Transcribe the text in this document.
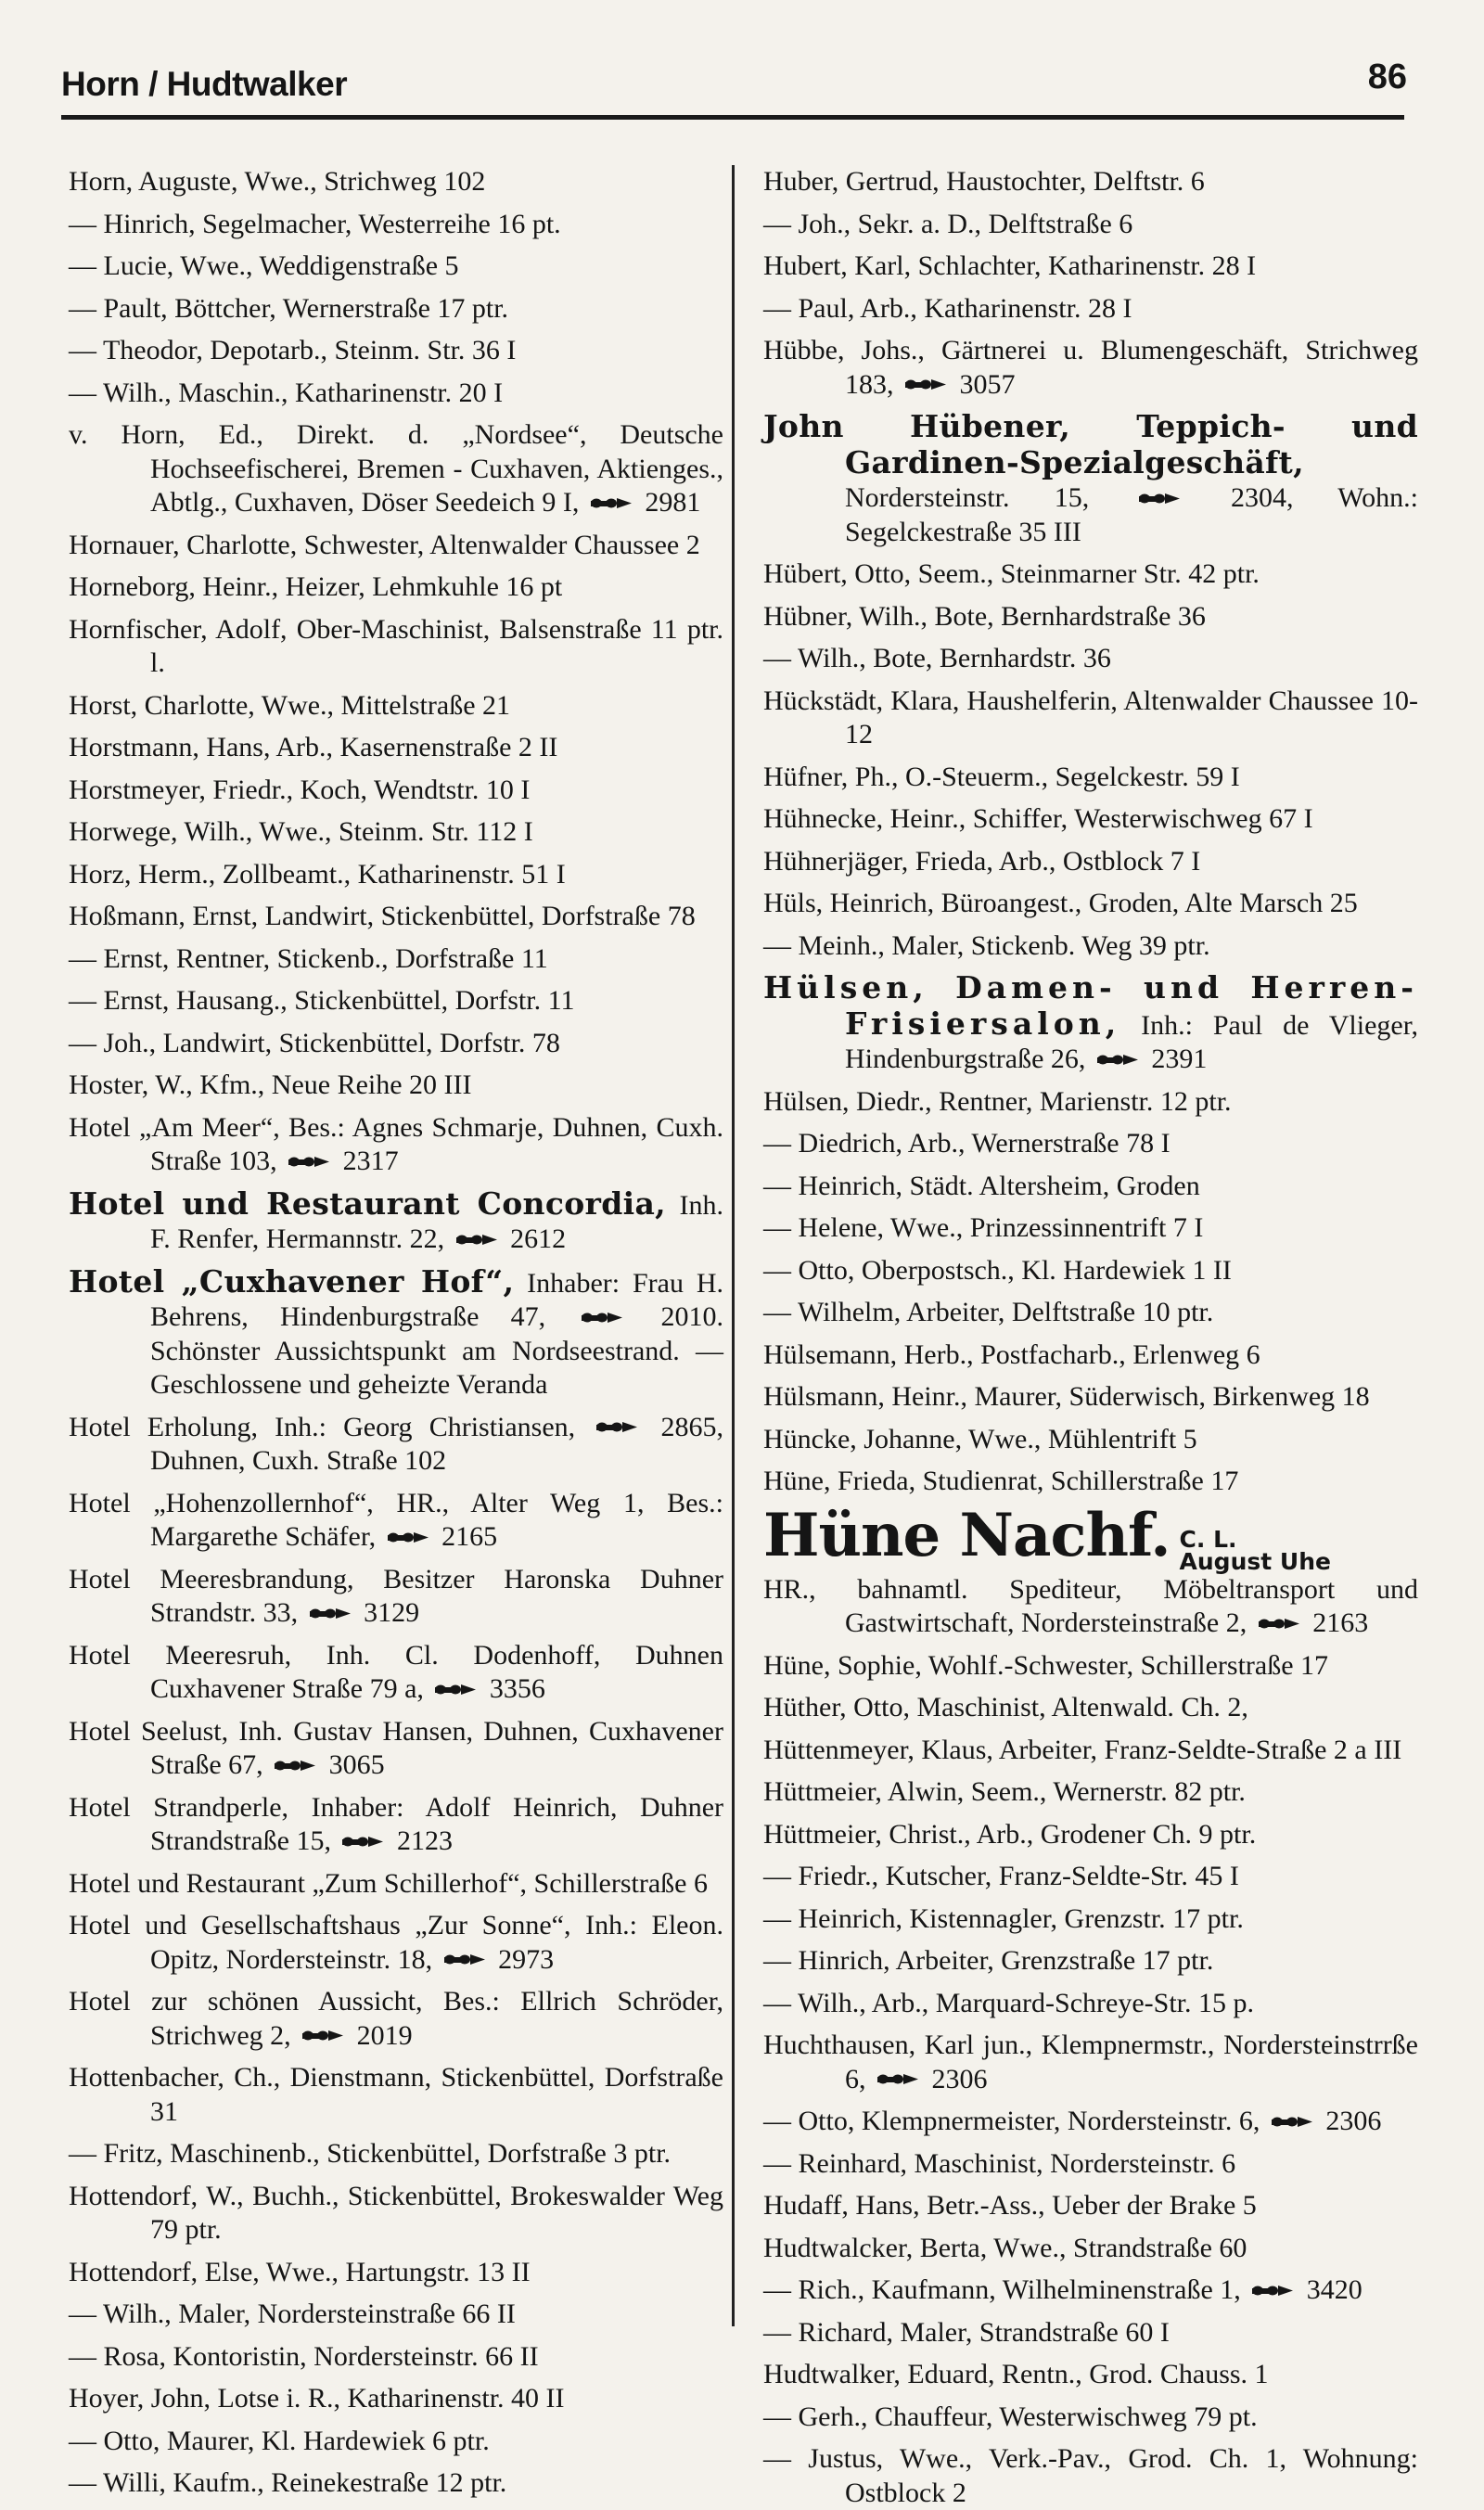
Horn / Hudtwalker	86

Horn, Auguste, Wwe., Strichweg 102

— Hinrich, Segelmacher, Westerreihe 16 pt.

— Lucie, Wwe., Weddigenstraße 5

— Pault, Böttcher, Wernerstraße 17 ptr.

— Theodor, Depotarb., Steinm. Str. 36 I

— Wilh., Maschin., Katharinenstr. 20 I

v. Horn, Ed., Direkt. d. „Nordsee“, Deutsche Hochseefischerei, Bremen - Cuxhaven, Aktienges., Abtlg., Cuxhaven, Döser Seedeich 9 I,
2981

Hornauer, Charlotte, Schwester, Altenwalder Chaussee 2

Horneborg, Heinr., Heizer, Lehmkuhle 16 pt

Hornfischer, Adolf, Ober-Maschinist, Balsenstraße 11 ptr. l.

Horst, Charlotte, Wwe., Mittelstraße 21

Horstmann, Hans, Arb., Kasernenstraße 2 II

Horstmeyer, Friedr., Koch, Wendtstr. 10 I

Horwege, Wilh., Wwe., Steinm. Str. 112 I

Horz, Herm., Zollbeamt., Katharinenstr. 51 I

Hoßmann, Ernst, Landwirt, Stickenbüttel, Dorfstraße 78

— Ernst, Rentner, Stickenb., Dorfstraße 11

— Ernst, Hausang., Stickenbüttel, Dorfstr. 11

— Joh., Landwirt, Stickenbüttel, Dorfstr. 78

Hoster, W., Kfm., Neue Reihe 20 III

Hotel „Am Meer“, Bes.: Agnes Schmarje, Duhnen, Cuxh. Straße 103,
2317

Hotel und Restaurant Concordia, Inh. F. Renfer, Hermannstr. 22,
2612

Hotel „Cuxhavener Hof“, Inhaber: Frau H. Behrens, Hindenburgstraße 47,
2010. Schönster Aussichtspunkt am Nordseestrand. — Geschlossene und geheizte Veranda

Hotel Erholung, Inh.: Georg Christiansen,
2865, Duhnen, Cuxh. Straße 102

Hotel „Hohenzollernhof“, HR., Alter Weg 1, Bes.: Margarethe Schäfer,
2165

Hotel Meeresbrandung, Besitzer Haronska Duhner Strandstr. 33,
3129

Hotel Meeresruh, Inh. Cl. Dodenhoff, Duhnen Cuxhavener Straße 79 a,
3356

Hotel Seelust, Inh. Gustav Hansen, Duhnen, Cuxhavener Straße 67,
3065

Hotel Strandperle, Inhaber: Adolf Heinrich, Duhner Strandstraße 15,
2123

Hotel und Restaurant „Zum Schillerhof“, Schillerstraße 6

Hotel und Gesellschaftshaus „Zur Sonne“, Inh.: Eleon. Opitz, Nordersteinstr. 18,
2973

Hotel zur schönen Aussicht, Bes.: Ellrich Schröder, Strichweg 2,
2019

Hottenbacher, Ch., Dienstmann, Stickenbüttel, Dorfstraße 31

— Fritz, Maschinenb., Stickenbüttel, Dorfstraße 3 ptr.

Hottendorf, W., Buchh., Stickenbüttel, Brokeswalder Weg 79 ptr.

Hottendorf, Else, Wwe., Hartungstr. 13 II

— Wilh., Maler, Nordersteinstraße 66 II

— Rosa, Kontoristin, Nordersteinstr. 66 II

Hoyer, John, Lotse i. R., Katharinenstr. 40 II

— Otto, Maurer, Kl. Hardewiek 6 ptr.

— Willi, Kaufm., Reinekestraße 12 ptr.

Huber, Gertrud, Haustochter, Delftstr. 6

— Joh., Sekr. a. D., Delftstraße 6

Hubert, Karl, Schlachter, Katharinenstr. 28 I

— Paul, Arb., Katharinenstr. 28 I

Hübbe, Johs., Gärtnerei u. Blumengeschäft, Strichweg 183,
3057

John Hübener, Teppich- und Gardinen-Spezialgeschäft, Nordersteinstr. 15,
2304, Wohn.: Segelckestraße 35 III

Hübert, Otto, Seem., Steinmarner Str. 42 ptr.

Hübner, Wilh., Bote, Bernhardstraße 36

— Wilh., Bote, Bernhardstr. 36

Hückstädt, Klara, Haushelferin, Altenwalder Chaussee 10-12

Hüfner, Ph., O.-Steuerm., Segelckestr. 59 I

Hühnecke, Heinr., Schiffer, Westerwischweg 67 I

Hühnerjäger, Frieda, Arb., Ostblock 7 I

Hüls, Heinrich, Büroangest., Groden, Alte Marsch 25

— Meinh., Maler, Stickenb. Weg 39 ptr.

Hülsen, Damen- und Herren-Frisiersalon, Inh.: Paul de Vlieger, Hindenburgstraße 26,
2391

Hülsen, Diedr., Rentner, Marienstr. 12 ptr.

— Diedrich, Arb., Wernerstraße 78 I

— Heinrich, Städt. Altersheim, Groden

— Helene, Wwe., Prinzessinnentrift 7 I

— Otto, Oberpostsch., Kl. Hardewiek 1 II

— Wilhelm, Arbeiter, Delftstraße 10 ptr.

Hülsemann, Herb., Postfacharb., Erlenweg 6

Hülsmann, Heinr., Maurer, Süderwisch, Birkenweg 18

Hüncke, Johanne, Wwe., Mühlentrift 5

Hüne, Frieda, Studienrat, Schillerstraße 17

Hüne Nachf. C. L.
August Uhe

HR., bahnamtl. Spediteur, Möbeltransport und Gastwirtschaft, Nordersteinstraße 2,
2163

Hüne, Sophie, Wohlf.-Schwester, Schillerstraße 17

Hüther, Otto, Maschinist, Altenwald. Ch. 2,

Hüttenmeyer, Klaus, Arbeiter, Franz-Seldte-Straße 2 a III

Hüttmeier, Alwin, Seem., Wernerstr. 82 ptr.

Hüttmeier, Christ., Arb., Grodener Ch. 9 ptr.

— Friedr., Kutscher, Franz-Seldte-Str. 45 I

— Heinrich, Kistennagler, Grenzstr. 17 ptr.

— Hinrich, Arbeiter, Grenzstraße 17 ptr.

— Wilh., Arb., Marquard-Schreye-Str. 15 p.

Huchthausen, Karl jun., Klempnermstr., Nordersteinstrrße 6,
2306

— Otto, Klempnermeister, Nordersteinstr. 6,
2306

— Reinhard, Maschinist, Nordersteinstr. 6

Hudaff, Hans, Betr.-Ass., Ueber der Brake 5

Hudtwalcker, Berta, Wwe., Strandstraße 60

— Rich., Kaufmann, Wilhelminenstraße 1,
3420

— Richard, Maler, Strandstraße 60 I

Hudtwalker, Eduard, Rentn., Grod. Chauss. 1

— Gerh., Chauffeur, Westerwischweg 79 pt.

— Justus, Wwe., Verk.-Pav., Grod. Ch. 1, Wohnung: Ostblock 2
